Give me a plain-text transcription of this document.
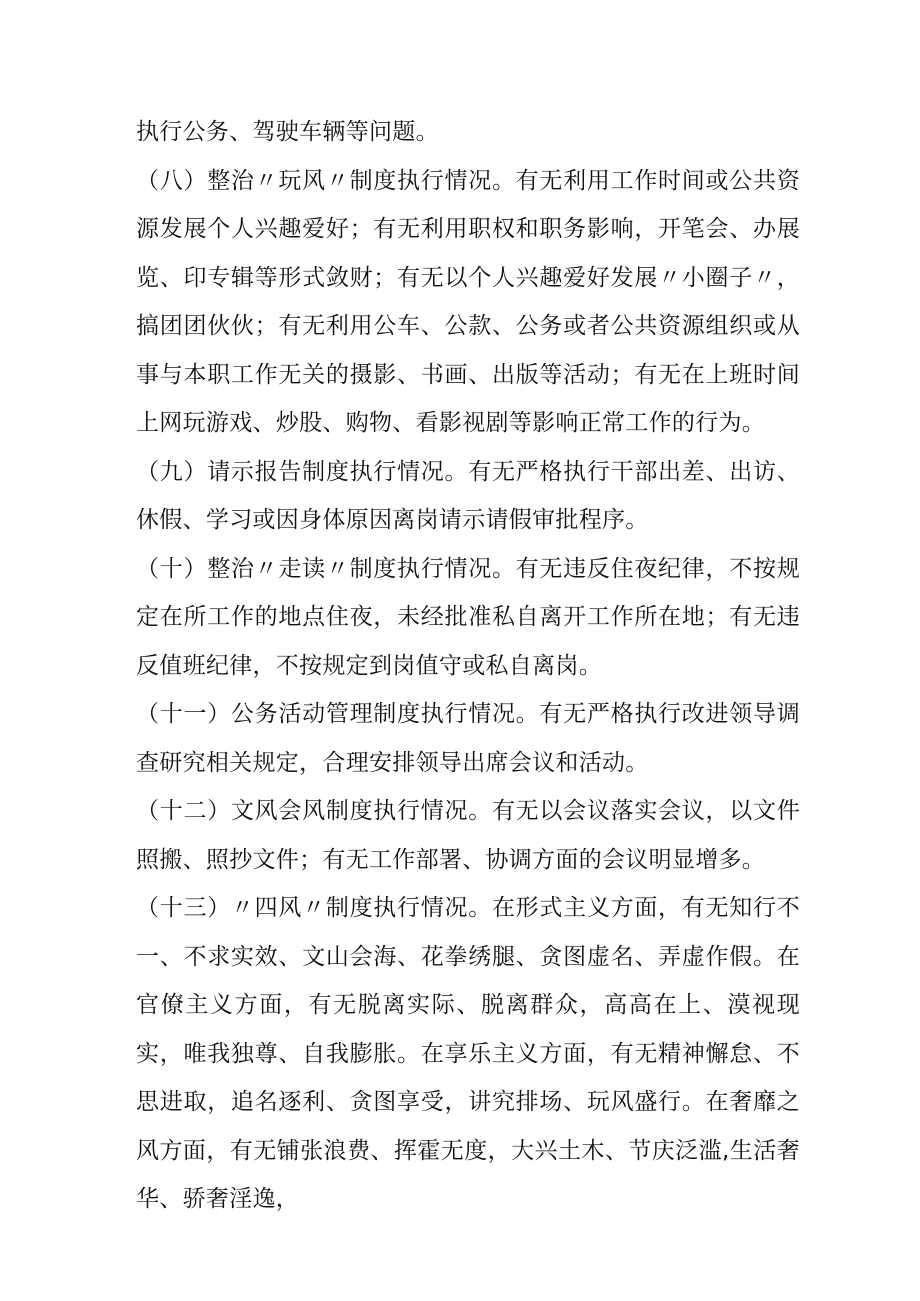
执行公务、驾驶车辆等问题。

（八）整治〃玩风〃制度执行情况。有无利用工作时间或公共资源发展个人兴趣爱好；有无利用职权和职务影响，开笔会、办展览、印专辑等形式敛财；有无以个人兴趣爱好发展〃小圈子〃，搞团团伙伙；有无利用公车、公款、公务或者公共资源组织或从事与本职工作无关的摄影、书画、出版等活动；有无在上班时间上网玩游戏、炒股、购物、看影视剧等影响正常工作的行为。

（九）请示报告制度执行情况。有无严格执行干部出差、出访、休假、学习或因身体原因离岗请示请假审批程序。

（十）整治〃走读〃制度执行情况。有无违反住夜纪律，不按规定在所工作的地点住夜，未经批准私自离开工作所在地；有无违反值班纪律，不按规定到岗值守或私自离岗。

（十一）公务活动管理制度执行情况。有无严格执行改进领导调查研究相关规定，合理安排领导出席会议和活动。

（十二）文风会风制度执行情况。有无以会议落实会议，以文件照搬、照抄文件；有无工作部署、协调方面的会议明显增多。

（十三）〃四风〃制度执行情况。在形式主义方面，有无知行不一、不求实效、文山会海、花拳绣腿、贪图虚名、弄虚作假。在官僚主义方面，有无脱离实际、脱离群众，高高在上、漠视现实，唯我独尊、自我膨胀。在享乐主义方面，有无精神懈怠、不思进取，追名逐利、贪图享受，讲究排场、玩风盛行。在奢靡之风方面，有无铺张浪费、挥霍无度，大兴土木、节庆泛滥,生活奢华、骄奢淫逸，
